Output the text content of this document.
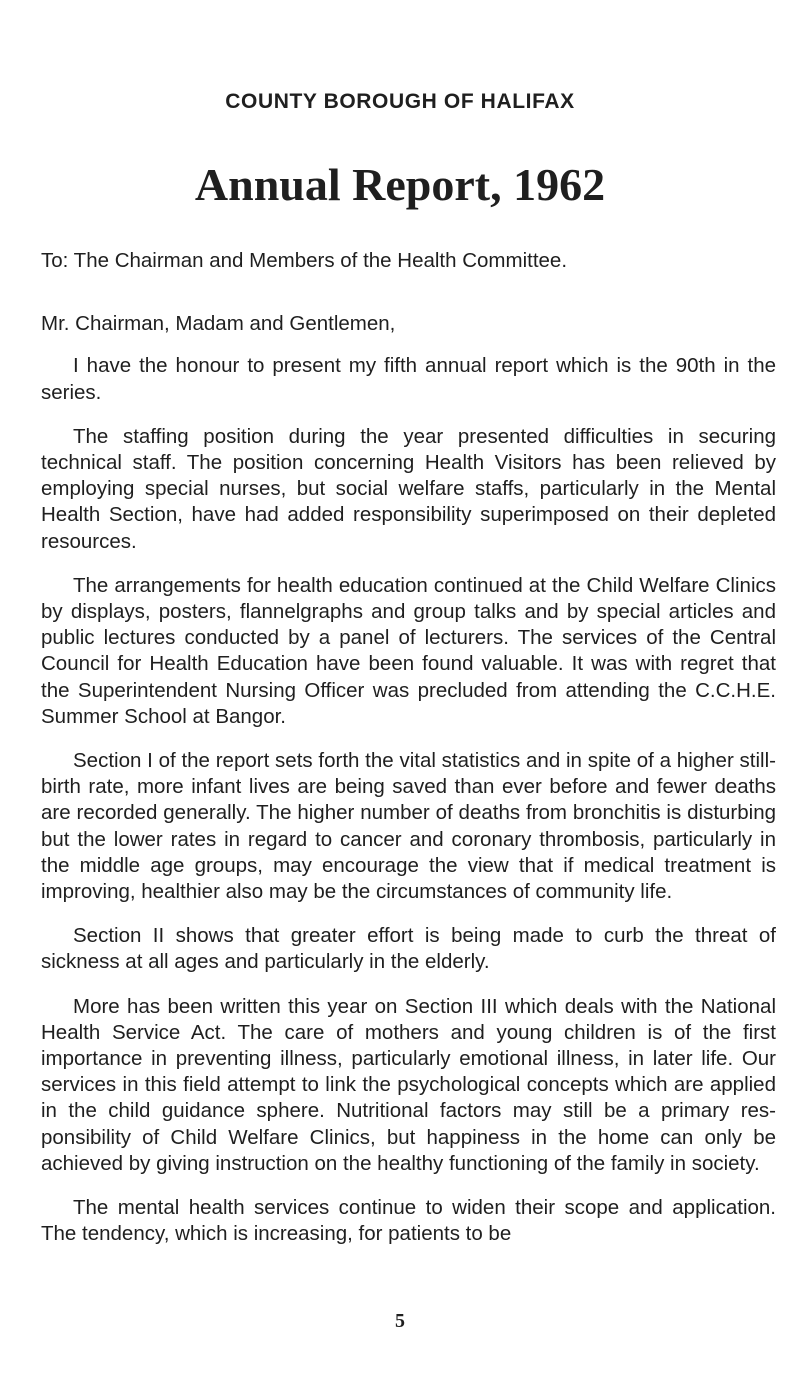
COUNTY BOROUGH OF HALIFAX
Annual Report, 1962

To: The Chairman and Members of the Health Committee.

Mr. Chairman, Madam and Gentlemen,

I have the honour to present my fifth annual report which is the 90th in the series.

The staffing position during the year presented difficulties in securing technical staff. The position concerning Health Visitors has been relieved by employing special nurses, but social welfare staffs, particularly in the Mental Health Section, have had added responsibility superimposed on their depleted resources.

The arrangements for health education continued at the Child Welfare Clinics by displays, posters, flannelgraphs and group talks and by special articles and public lectures conducted by a panel of lecturers. The services of the Central Council for Health Education have been found valuable. It was with regret that the Superintendent Nursing Officer was precluded from attending the C.C.H.E. Summer School at Bangor.

Section I of the report sets forth the vital statistics and in spite of a higher still-birth rate, more infant lives are being saved than ever before and fewer deaths are recorded generally. The higher number of deaths from bronchitis is disturbing but the lower rates in regard to cancer and coronary thrombosis, particularly in the middle age groups, may encourage the view that if medical treatment is improving, healthier also may be the circumstances of community life.

Section II shows that greater effort is being made to curb the threat of sickness at all ages and particularly in the elderly.

More has been written this year on Section III which deals with the National Health Service Act. The care of mothers and young children is of the first importance in preventing illness, particularly emotional illness, in later life. Our services in this field attempt to link the psychological concepts which are applied in the child guidance sphere. Nutritional factors may still be a primary responsibility of Child Welfare Clinics, but happiness in the home can only be achieved by giving instruction on the healthy functioning of the family in society.

The mental health services continue to widen their scope and application. The tendency, which is increasing, for patients to be

5
